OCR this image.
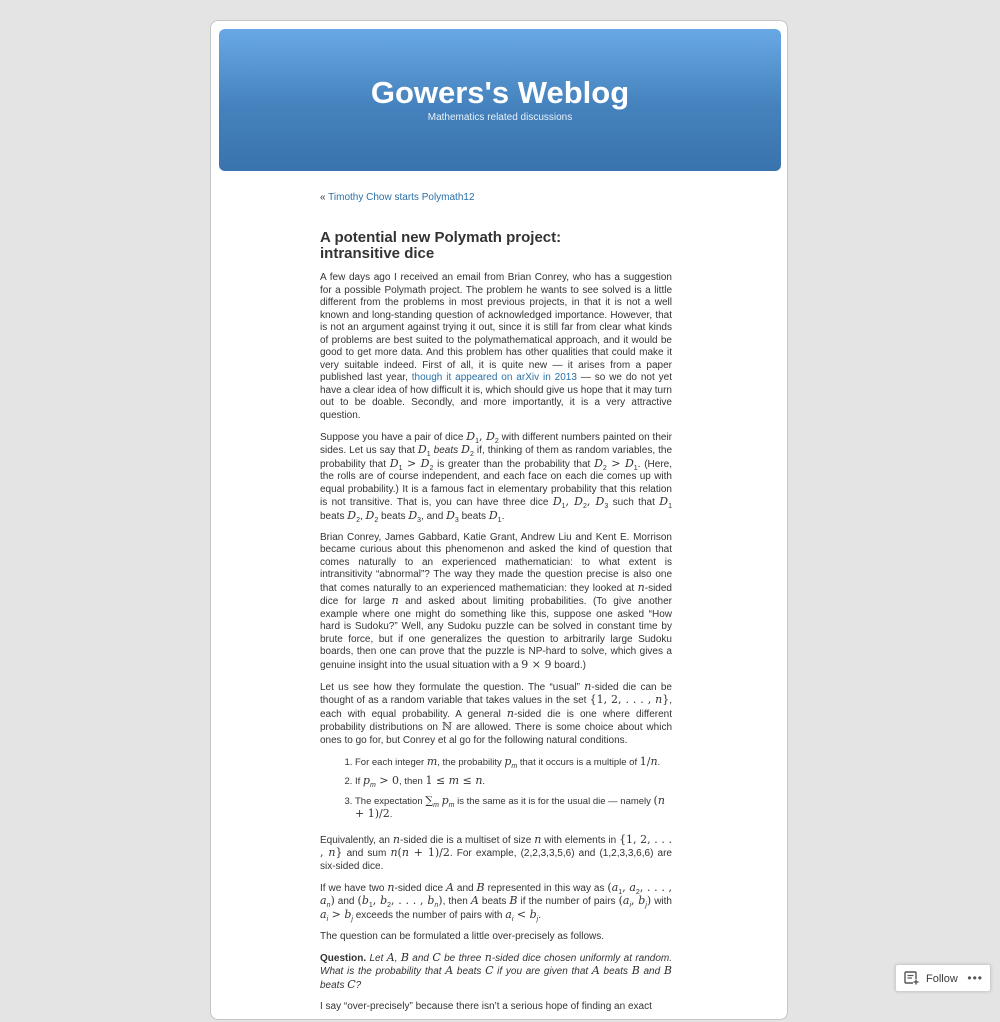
Gowers's Weblog
Mathematics related discussions

« Timothy Chow starts Polymath12

A potential new Polymath project:
intransitive dice

A few days ago I received an email from Brian Conrey, who has a suggestion for a possible Polymath project. The problem he wants to see solved is a little different from the problems in most previous projects, in that it is not a well known and long-standing question of acknowledged importance. However, that is not an argument against trying it out, since it is still far from clear what kinds of problems are best suited to the polymathematical approach, and it would be good to get more data. And this problem has other qualities that could make it very suitable indeed. First of all, it is quite new — it arises from a paper published last year, though it appeared on arXiv in 2013 — so we do not yet have a clear idea of how difficult it is, which should give us hope that it may turn out to be doable. Secondly, and more importantly, it is a very attractive question.

Suppose you have a pair of dice $D_1$, $D_2$ with different numbers painted on their sides. Let us say that $D_1$ beats $D_2$ if, thinking of them as random variables, the probability that $D_1 > D_2$ is greater than the probability that $D_2 > D_1$. (Here, the rolls are of course independent, and each face on each die comes up with equal probability.) It is a famous fact in elementary probability that this relation is not transitive. That is, you can have three dice $D_1$, $D_2$, $D_3$ such that $D_1$ beats $D_2$, $D_2$ beats $D_3$, and $D_3$ beats $D_1$.

Brian Conrey, James Gabbard, Katie Grant, Andrew Liu and Kent E. Morrison became curious about this phenomenon and asked the kind of question that comes naturally to an experienced mathematician: to what extent is intransitivity “abnormal”? The way they made the question precise is also one that comes naturally to an experienced mathematician: they looked at n-sided dice for large n and asked about limiting probabilities. (To give another example where one might do something like this, suppose one asked “How hard is Sudoku?” Well, any Sudoku puzzle can be solved in constant time by brute force, but if one generalizes the question to arbitrarily large Sudoku boards, then one can prove that the puzzle is NP-hard to solve, which gives a genuine insight into the usual situation with a 9 × 9 board.)

Let us see how they formulate the question. The “usual” n-sided die can be thought of as a random variable that takes values in the set {1, 2, . . . , n}, each with equal probability. A general n-sided die is one where different probability distributions on ℕ are allowed. There is some choice about which ones to go for, but Conrey et al go for the following natural conditions.

1. For each integer m, the probability $p_m$ that it occurs is a multiple of 1/n.
2. If $p_m > 0$, then 1 ≤ m ≤ n.
3. The expectation $\sum_m$ $p_m$ is the same as it is for the usual die — namely (n + 1)/2.

Equivalently, an n-sided die is a multiset of size n with elements in {1, 2, . . . , n} and sum n(n + 1)/2. For example, (2,2,3,3,5,6) and (1,2,3,3,6,6) are six-sided dice.

If we have two n-sided dice A and B represented in this way as ($a_1$, $a_2$, . . . , $a_n$) and ($b_1$, $b_2$, . . . , $b_n$), then A beats B if the number of pairs ($a_i$, $b_j$) with $a_i > b_j$ exceeds the number of pairs with $a_i < b_j$.

The question can be formulated a little over-precisely as follows.

Question. Let A, B and C be three n-sided dice chosen uniformly at random. What is the probability that A beats C if you are given that A beats B and B beats C?

I say “over-precisely” because there isn’t a serious hope of finding an exact

Follow •••
